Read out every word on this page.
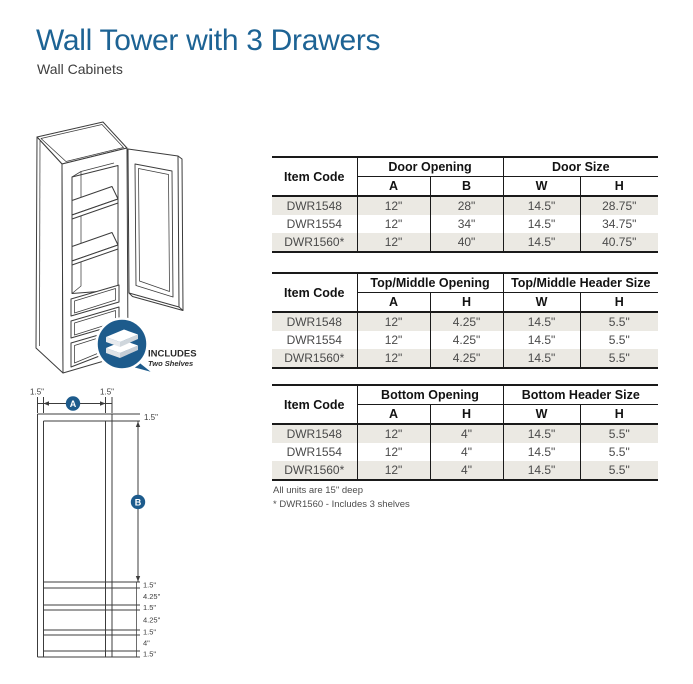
Wall Tower with 3 Drawers
Wall Cabinets
INCLUDES
Two Shelves
A
B
1.5"	1.5"
1.5"
1.5"
4.25"
1.5"
4.25"
1.5"
4"
1.5"
Item Code	Door Opening		Door Size	
	A	B	W	H
DWR1548	12"	28"	14.5"	28.75"
DWR1554	12"	34"	14.5"	34.75"
DWR1560*	12"	40"	14.5"	40.75"
Item Code	Top/Middle Opening		Top/Middle Header Size	
	A	H	W	H
DWR1548	12"	4.25"	14.5"	5.5"
DWR1554	12"	4.25"	14.5"	5.5"
DWR1560*	12"	4.25"	14.5"	5.5"
Item Code	Bottom Opening		Bottom Header Size	
	A	H	W	H
DWR1548	12"	4"	14.5"	5.5"
DWR1554	12"	4"	14.5"	5.5"
DWR1560*	12"	4"	14.5"	5.5"
All units are 15" deep
* DWR1560 - Includes 3 shelves
